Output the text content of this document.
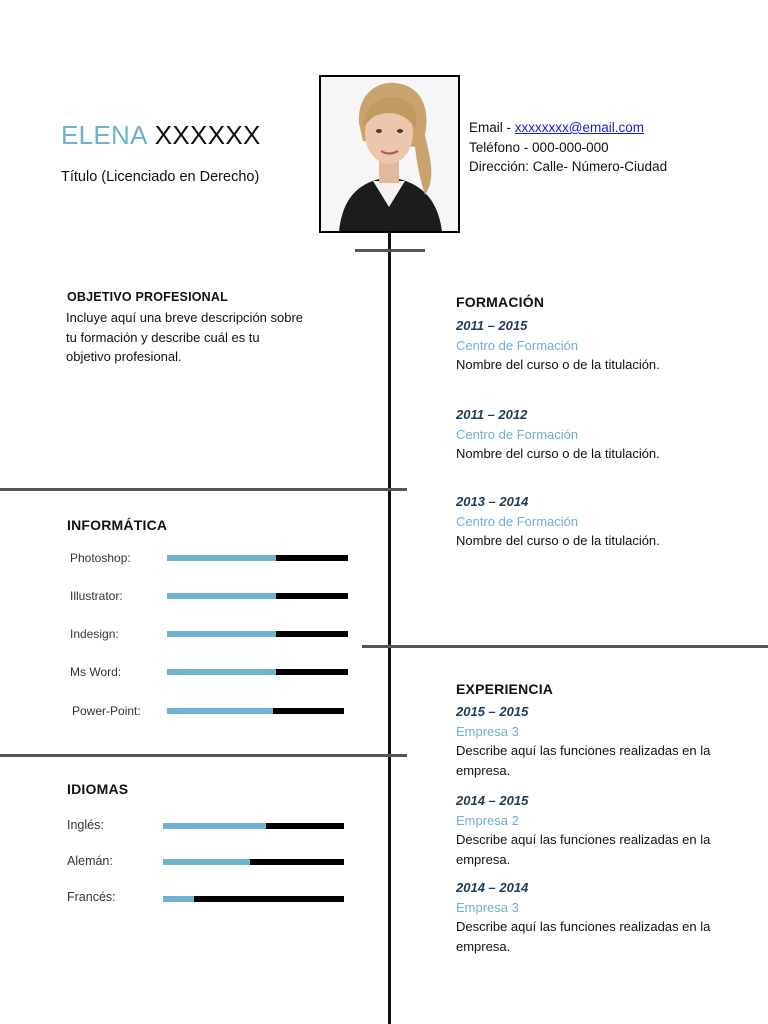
ELENA XXXXXX
Título (Licenciado en Derecho)
Email - xxxxxxxx@email.com
Teléfono - 000-000-000
Dirección: Calle- Número-Ciudad
OBJETIVO PROFESIONAL
Incluye aquí una breve descripción sobre tu formación y describe cuál es tu objetivo profesional.
FORMACIÓN
2011 – 2015
Centro de Formación
Nombre del curso o de la titulación.
2011 – 2012
Centro de Formación
Nombre del curso o de la titulación.
2013 – 2014
Centro de Formación
Nombre del curso o de la titulación.
INFORMÁTICA
Photoshop:
Illustrator:
Indesign:
Ms Word:
Power-Point:
EXPERIENCIA
2015 – 2015
Empresa 3
Describe aquí las funciones realizadas en la empresa.
2014 – 2015
Empresa 2
Describe aquí las funciones realizadas en la empresa.
2014 – 2014
Empresa 3
Describe aquí las funciones realizadas en la empresa.
IDIOMAS
Inglés:
Alemán:
Francés:
